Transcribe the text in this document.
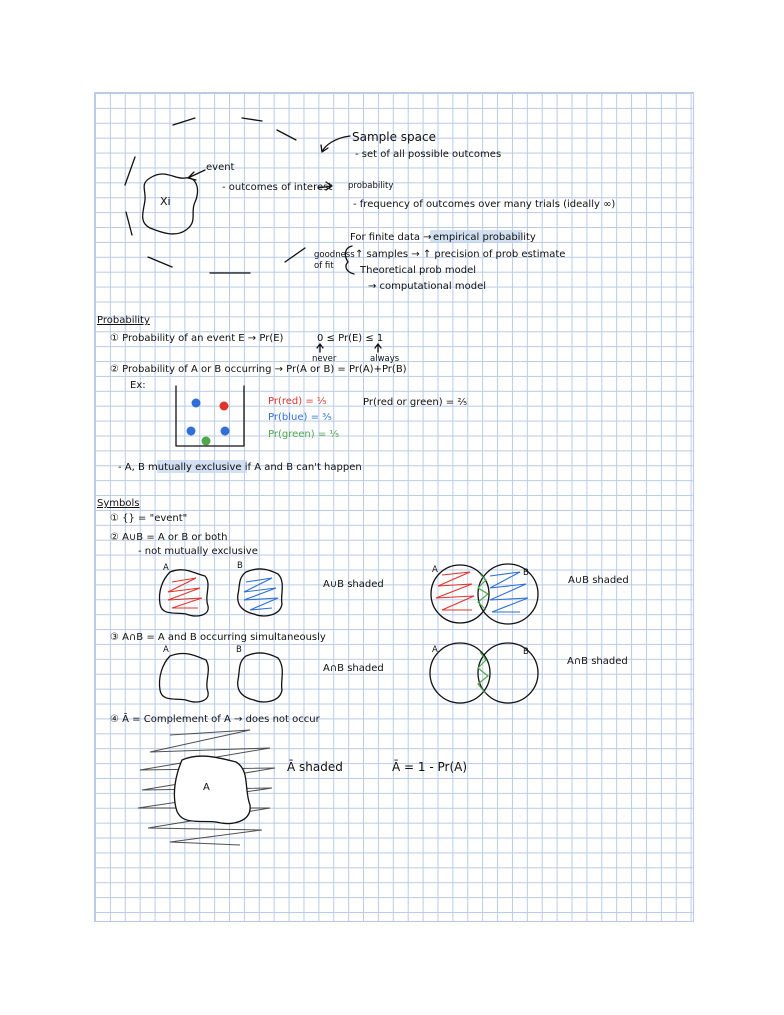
Xi
event
- outcomes of interest
Sample space
- set of all possible outcomes
probability
- frequency of outcomes over many trials (ideally ∞)
For finite data → empirical probability
goodness
of fit
↑ samples → ↑ precision of prob estimate
Theoretical prob model
→ computational model
Probability
① Probability of an event E → Pr(E)	0 ≤ Pr(E) ≤ 1
never	always
② Probability of A or B occurring → Pr(A or B) = Pr(A)+Pr(B)
Ex:
Pr(red) = ⅕
Pr(blue) = ⅗
Pr(green) = ⅕
Pr(red or green) = ⅖
- A, B mutually exclusive if A and B can't happen
Symbols
① {} = "event"
② A∪B = A or B or both
- not mutually exclusive
A	B
A∪B shaded
A	B
A∪B shaded
③ A∩B = A and B occurring simultaneously
A	B
A∩B shaded
A	B
A∩B shaded
④ Ā = Complement of A → does not occur
A
Ā shaded	Ā = 1 - Pr(A)
